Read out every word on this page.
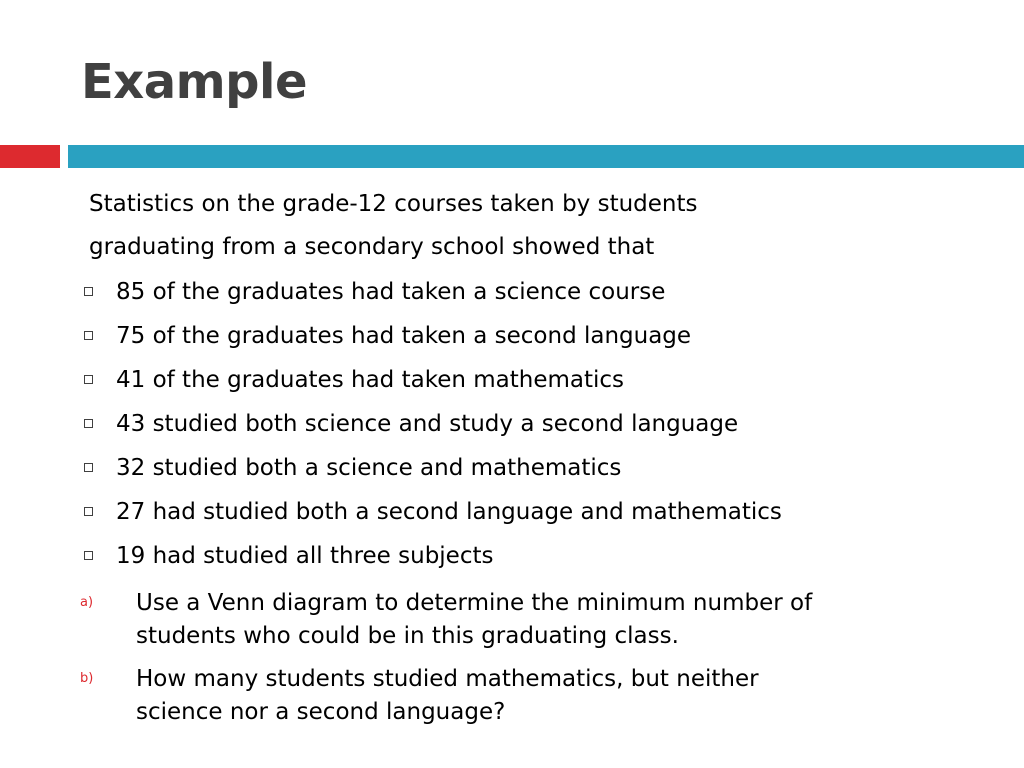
Example
Statistics on the grade-12 courses taken by students
graduating from a secondary school showed that
85 of the graduates had taken a science course
75 of the graduates had taken a second language
41 of the graduates had taken mathematics
43 studied both science and study a second language
32 studied both a science and mathematics
27 had studied both a second language and mathematics
19 had studied all three subjects
a) Use a Venn diagram to determine the minimum number of
students who could be in this graduating class.
b) How many students studied mathematics, but neither
science nor a second language?
